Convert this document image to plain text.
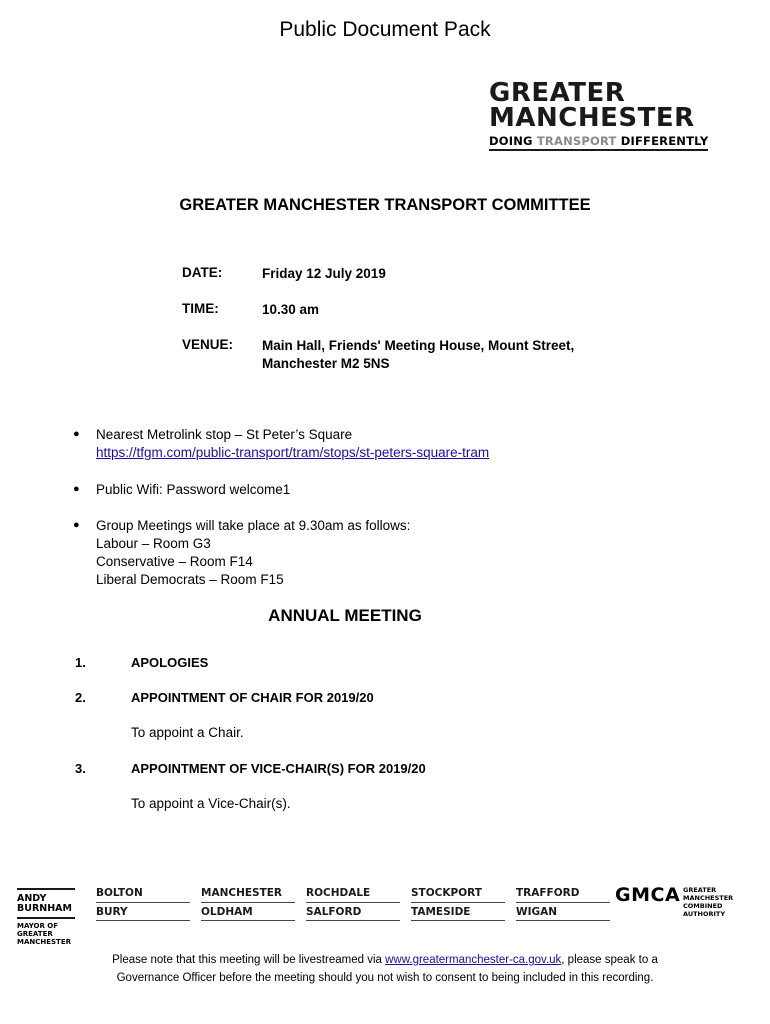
Public Document Pack
GREATER
MANCHESTER
DOING TRANSPORT DIFFERENTLY
GREATER MANCHESTER TRANSPORT COMMITTEE
DATE:	Friday 12 July 2019
TIME:	10.30 am
VENUE: Main Hall, Friends' Meeting House, Mount Street,
Manchester M2 5NS
● Nearest Metrolink stop – St Peter’s Square
https://tfgm.com/public-transport/tram/stops/st-peters-square-tram
● Public Wifi: Password welcome1
● Group Meetings will take place at 9.30am as follows:
Labour – Room G3
Conservative – Room F14
Liberal Democrats – Room F15
ANNUAL MEETING
1.	APOLOGIES
2.	APPOINTMENT OF CHAIR FOR 2019/20
To appoint a Chair.
3.	APPOINTMENT OF VICE-CHAIR(S) FOR 2019/20
To appoint a Vice-Chair(s).
ANDY
BURNHAM
MAYOR OF
GREATER
MANCHESTER
BOLTON
BURY
MANCHESTER
OLDHAM
ROCHDALE
SALFORD
STOCKPORT
TAMESIDE
TRAFFORD
WIGAN
GMCA GREATER
MANCHESTER
COMBINED
AUTHORITY
Please note that this meeting will be livestreamed via www.greatermanchester-ca.gov.uk, please speak to a
Governance Officer before the meeting should you not wish to consent to being included in this recording.
